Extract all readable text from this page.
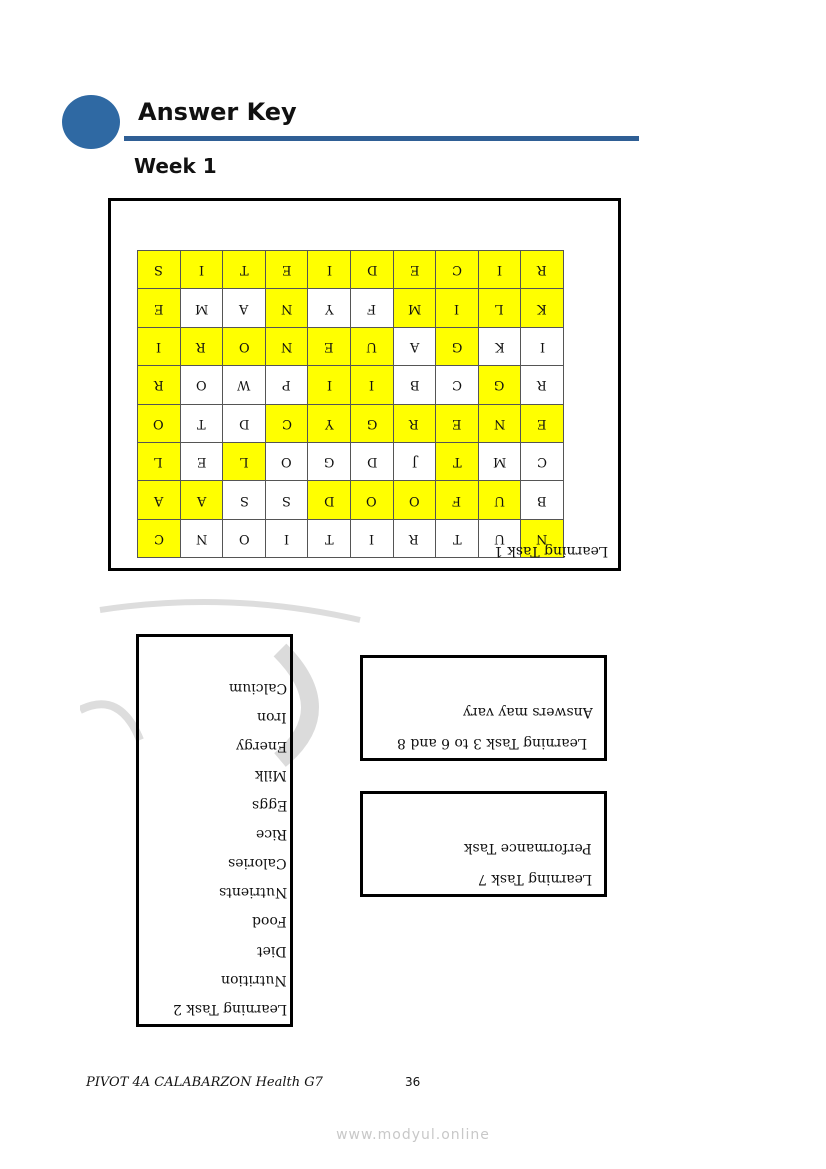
Answer Key
Week 1
S	I	T	E	I	D	E	C	I	R
E	M	A	N	Y	F	M	I	L	K
I	R	O	N	E	U	A	G	K	I
R	O	W	P	I	I	B	C	G	R
O	T	D	C	Y	G	R	E	N	E
L	E	L	O	G	D	J	T	M	C
A	A	S	S	D	O	O	F	U	B
C	N	O	I	T	I	R	T	U	N
Learning Task 1
Learning Task 2
Nutrition
Diet
Food
Nutrients
Calories
Rice
Eggs
Milk
Energy
Iron
Calcium
Learning Task 3 to 6 and 8
Answers may vary
Learning Task 7
Performance Task
PIVOT 4A CALABARZON Health G7	36
www.modyul.online
